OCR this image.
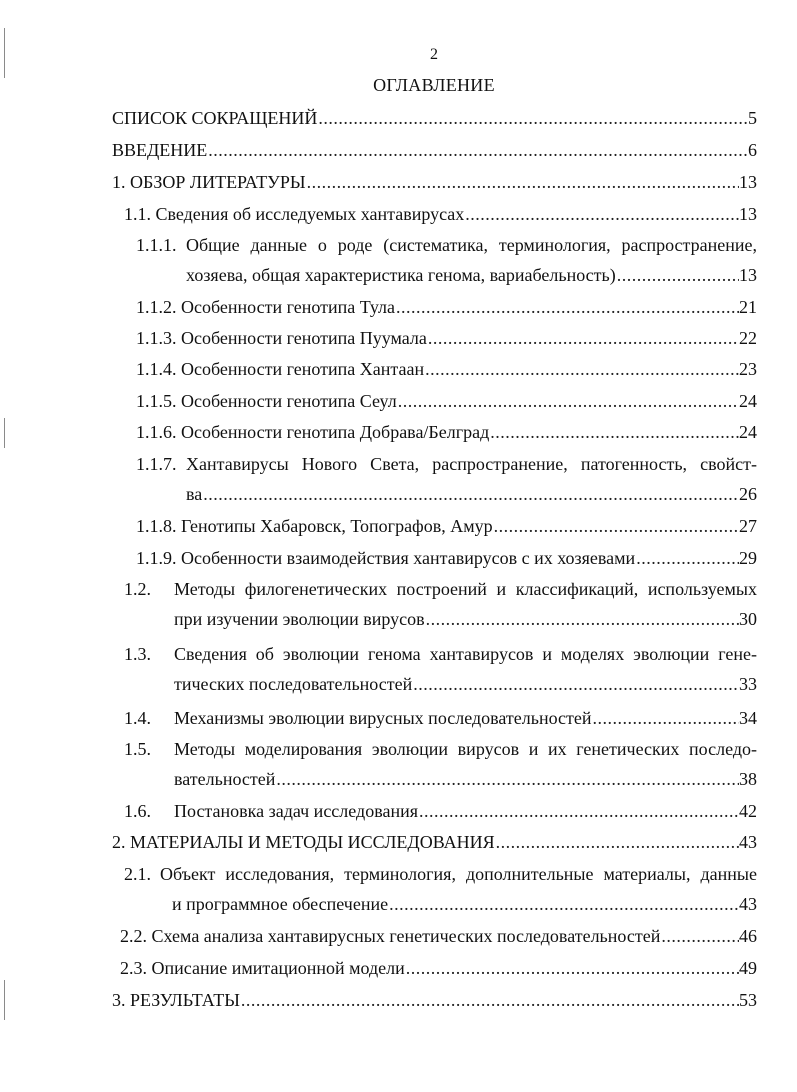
2
ОГЛАВЛЕНИЕ
СПИСОК СОКРАЩЕНИЙ .....	5
ВВЕДЕНИЕ .....	6
1. ОБЗОР ЛИТЕРАТУРЫ .....	13
1.1. Сведения об исследуемых хантавирусах .....	13
1.1.1. Общие данные о роде (систематика, терминология, распространение,
хозяева, общая характеристика генома, вариабельность) .....	13
1.1.2. Особенности генотипа Тула .....	21
1.1.3. Особенности генотипа Пуумала .....	22
1.1.4. Особенности генотипа Хантаан .....	23
1.1.5. Особенности генотипа Сеул .....	24
1.1.6. Особенности генотипа Добрава/Белград .....	24
1.1.7. Хантавирусы Нового Света, распространение, патогенность, свойст-
ва .....	26
1.1.8. Генотипы Хабаровск, Топографов, Амур .....	27
1.1.9. Особенности взаимодействия хантавирусов с их хозяевами .....	29
1.2.	Методы филогенетических построений и классификаций, используемых
при изучении эволюции вирусов .....	30
1.3.	Сведения об эволюции генома хантавирусов и моделях эволюции гене-
тических последовательностей .....	33
1.4.	Механизмы эволюции вирусных последовательностей .....	34
1.5.	Методы моделирования эволюции вирусов и их генетических последо-
вательностей .....	38
1.6.	Постановка задач исследования .....	42
2. МАТЕРИАЛЫ И МЕТОДЫ ИССЛЕДОВАНИЯ .....	43
2.1. Объект исследования, терминология, дополнительные материалы, данные
и программное обеспечение .....	43
2.2. Схема анализа хантавирусных генетических последовательностей .....	46
2.3. Описание имитационной модели .....	49
3. РЕЗУЛЬТАТЫ .....	53
